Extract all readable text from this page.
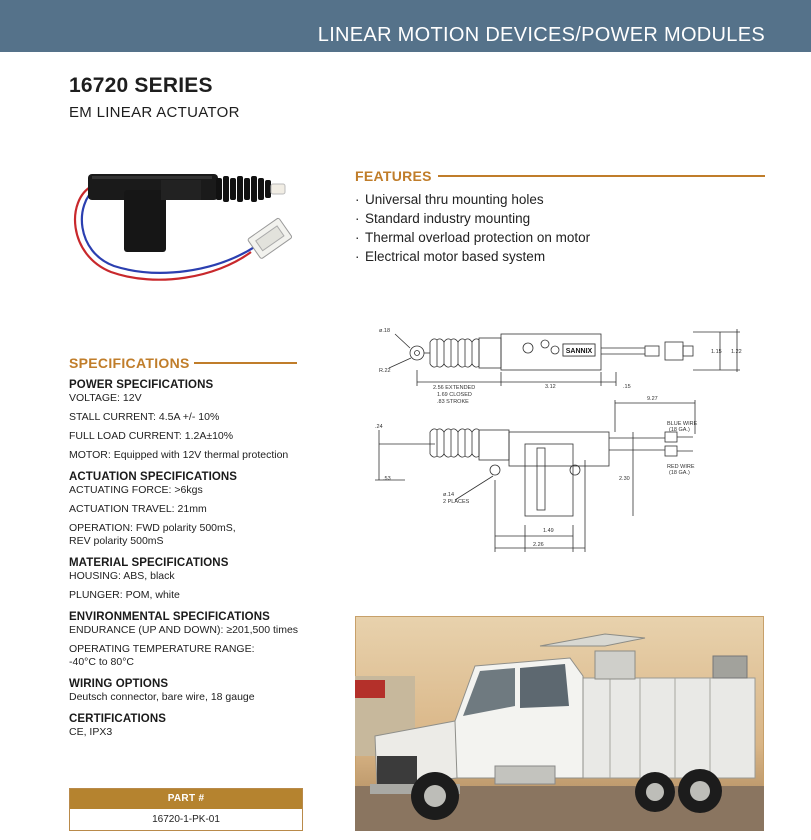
LINEAR MOTION DEVICES/POWER MODULES
16720 SERIES
EM LINEAR ACTUATOR
FEATURES
· Universal thru mounting holes
· Standard industry mounting
· Thermal overload protection on motor
· Electrical motor based system
SPECIFICATIONS
POWER SPECIFICATIONS
VOLTAGE: 12V
STALL CURRENT: 4.5A +/- 10%
FULL LOAD CURRENT: 1.2A±10%
MOTOR: Equipped with 12V thermal protection
ACTUATION SPECIFICATIONS
ACTUATING FORCE: >6kgs
ACTUATION TRAVEL: 21mm
OPERATION: FWD polarity 500mS,
REV polarity 500mS
MATERIAL SPECIFICATIONS
HOUSING: ABS, black
PLUNGER: POM, white
ENVIRONMENTAL SPECIFICATIONS
ENDURANCE (UP AND DOWN): ≥201,500 times
OPERATING TEMPERATURE RANGE:
-40°C to 80°C
WIRING OPTIONS
Deutsch connector, bare wire, 18 gauge
CERTIFICATIONS
CE, IPX3
SANNIX
ø.18
R.22
2.56 EXTENDED
1.69 CLOSED
.83 STROKE
3.12	.15
1.15 1.22
9.27
.24
.53
BLUE WIRE
(18 GA.)
RED WIRE
(18 GA.)
2.30
ø.14
2 PLACES
1.49
2.26
PART #
16720-1-PK-01
